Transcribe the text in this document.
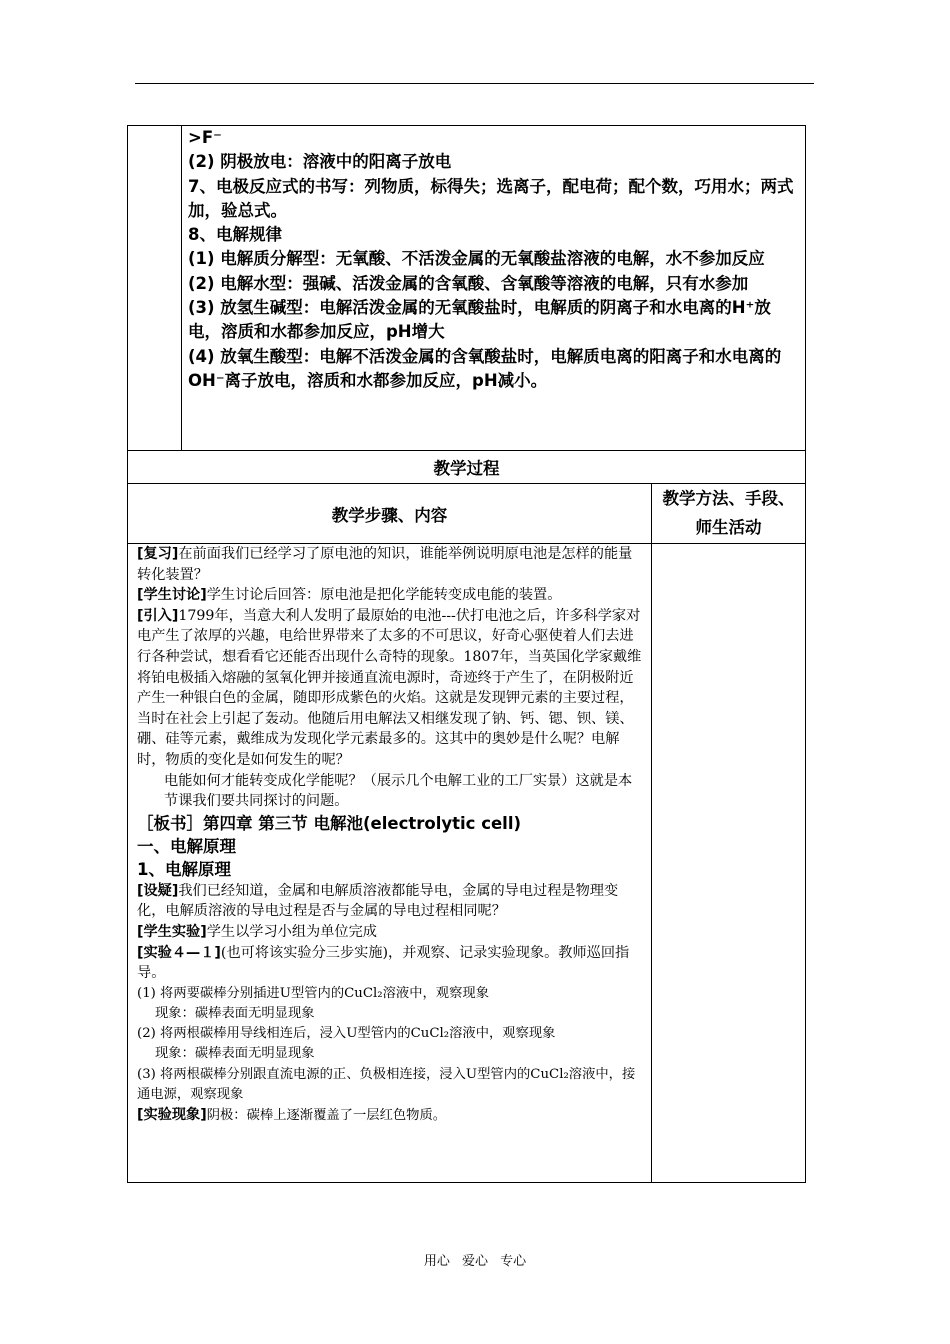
>F⁻

(2) 阴极放电：溶液中的阳离子放电

7、电极反应式的书写：列物质，标得失；选离子，配电荷；配个数，巧用水；两式加，验总式。

8、电解规律

(1) 电解质分解型：无氧酸、不活泼金属的无氧酸盐溶液的电解，水不参加反应

(2) 电解水型：强碱、活泼金属的含氧酸、含氧酸等溶液的电解，只有水参加

(3) 放氢生碱型：电解活泼金属的无氧酸盐时，电解质的阴离子和水电离的H⁺放电，溶质和水都参加反应，pH增大

(4) 放氧生酸型：电解不活泼金属的含氧酸盐时，电解质电离的阳离子和水电离的OH⁻离子放电，溶质和水都参加反应，pH减小。

教学过程
教学步骤、内容
教学方法、手段、师生活动

[复习]在前面我们已经学习了原电池的知识，谁能举例说明原电池是怎样的能量转化装置？

[学生讨论]学生讨论后回答：原电池是把化学能转变成电能的装置。

[引入]1799年，当意大利人发明了最原始的电池---伏打电池之后，许多科学家对电产生了浓厚的兴趣，电给世界带来了太多的不可思议，好奇心驱使着人们去进行各种尝试，想看看它还能否出现什么奇特的现象。1807年，当英国化学家戴维将铂电极插入熔融的氢氧化钾并接通直流电源时，奇迹终于产生了，在阴极附近产生一种银白色的金属，随即形成紫色的火焰。这就是发现钾元素的主要过程，当时在社会上引起了轰动。他随后用电解法又相继发现了钠、钙、锶、钡、镁、硼、硅等元素，戴维成为发现化学元素最多的。这其中的奥妙是什么呢？电解时，物质的变化是如何发生的呢？

电能如何才能转变成化学能呢？（展示几个电解工业的工厂实景）这就是本节课我们要共同探讨的问题。

［板书］第四章 第三节 电解池(electrolytic cell)

一、电解原理

1、电解原理

[设疑]我们已经知道，金属和电解质溶液都能导电，金属的导电过程是物理变化，电解质溶液的导电过程是否与金属的导电过程相同呢？

[学生实验]学生以学习小组为单位完成

[实验４—１](也可将该实验分三步实施)，并观察、记录实验现象。教师巡回指导。

(1) 将两要碳棒分别插进U型管内的CuCl₂溶液中，观察现象

现象：碳棒表面无明显现象

(2) 将两根碳棒用导线相连后，浸入U型管内的CuCl₂溶液中，观察现象

现象：碳棒表面无明显现象

(3) 将两根碳棒分别跟直流电源的正、负极相连接，浸入U型管内的CuCl₂溶液中，接通电源，观察现象

[实验现象]阴极：碳棒上逐渐覆盖了一层红色物质。

用心 爱心 专心
